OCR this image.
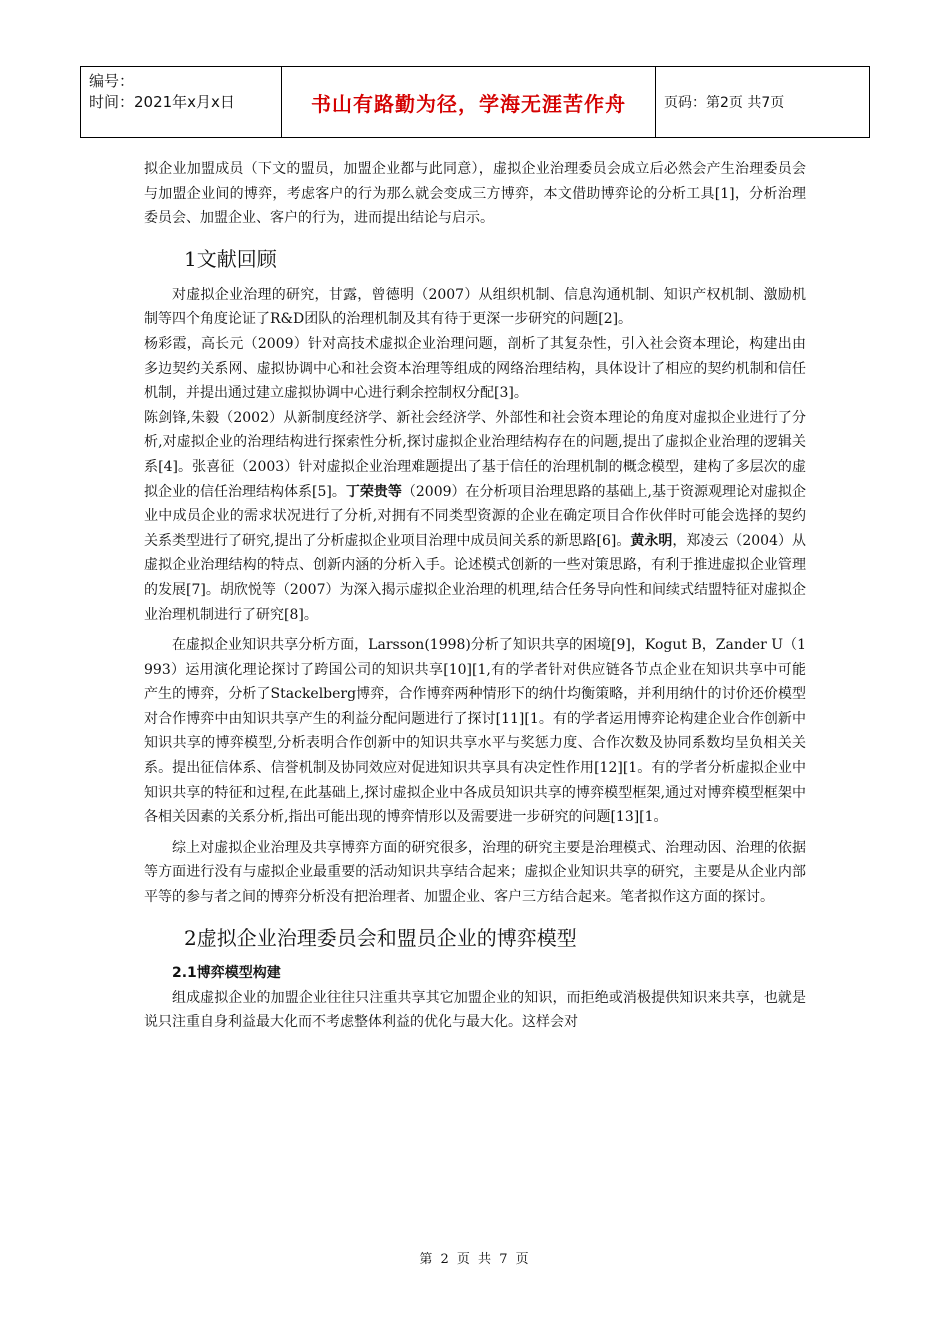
编号：
时间：2021年x月x日	书山有路勤为径，学海无涯苦作舟	页码：第2页 共7页

拟企业加盟成员（下文的盟员，加盟企业都与此同意），虚拟企业治理委员会成立后必然会产生治理委员会与加盟企业间的博弈，考虑客户的行为那么就会变成三方博弈，本文借助博弈论的分析工具[1]，分析治理委员会、加盟企业、客户的行为，进而提出结论与启示。

1文献回顾

对虚拟企业治理的研究，甘露，曾德明（2007）从组织机制、信息沟通机制、知识产权机制、激励机制等四个角度论证了R&D团队的治理机制及其有待于更深一步研究的问题[2]。

杨彩霞，高长元（2009）针对高技术虚拟企业治理问题，剖析了其复杂性，引入社会资本理论，构建出由多边契约关系网、虚拟协调中心和社会资本治理等组成的网络治理结构，具体设计了相应的契约机制和信任机制，并提出通过建立虚拟协调中心进行剩余控制权分配[3]。

陈剑锋,朱毅（2002）从新制度经济学、新社会经济学、外部性和社会资本理论的角度对虚拟企业进行了分析,对虚拟企业的治理结构进行探索性分析,探讨虚拟企业治理结构存在的问题,提出了虚拟企业治理的逻辑关系[4]。张喜征（2003）针对虚拟企业治理难题提出了基于信任的治理机制的概念模型，建构了多层次的虚拟企业的信任治理结构体系[5]。丁荣贵等（2009）在分析项目治理思路的基础上,基于资源观理论对虚拟企业中成员企业的需求状况进行了分析,对拥有不同类型资源的企业在确定项目合作伙伴时可能会选择的契约关系类型进行了研究,提出了分析虚拟企业项目治理中成员间关系的新思路[6]。黄永明，郑凌云（2004）从虚拟企业治理结构的特点、创新内涵的分析入手。论述模式创新的一些对策思路，有利于推进虚拟企业管理的发展[7]。胡欣悦等（2007）为深入揭示虚拟企业治理的机理,结合任务导向性和间续式结盟特征对虚拟企业治理机制进行了研究[8]。

在虚拟企业知识共享分析方面，Larsson(1998)分析了知识共享的困境[9]，Kogut B，Zander U（1993）运用演化理论探讨了跨国公司的知识共享[10][1,有的学者针对供应链各节点企业在知识共享中可能产生的博弈，分析了Stackelberg博弈，合作博弈两种情形下的纳什均衡策略，并利用纳什的讨价还价模型对合作博弈中由知识共享产生的利益分配问题进行了探讨[11][1。有的学者运用博弈论构建企业合作创新中知识共享的博弈模型,分析表明合作创新中的知识共享水平与奖惩力度、合作次数及协同系数均呈负相关关系。提出征信体系、信誉机制及协同效应对促进知识共享具有决定性作用[12][1。有的学者分析虚拟企业中知识共享的特征和过程,在此基础上,探讨虚拟企业中各成员知识共享的博弈模型框架,通过对博弈模型框架中各相关因素的关系分析,指出可能出现的博弈情形以及需要进一步研究的问题[13][1。

综上对虚拟企业治理及共享博弈方面的研究很多，治理的研究主要是治理模式、治理动因、治理的依据等方面进行没有与虚拟企业最重要的活动知识共享结合起来；虚拟企业知识共享的研究，主要是从企业内部平等的参与者之间的博弈分析没有把治理者、加盟企业、客户三方结合起来。笔者拟作这方面的探讨。

2虚拟企业治理委员会和盟员企业的博弈模型
2.1博弈模型构建

组成虚拟企业的加盟企业往往只注重共享其它加盟企业的知识，而拒绝或消极提供知识来共享，也就是说只注重自身利益最大化而不考虑整体利益的优化与最大化。这样会对

第 2 页 共 7 页
